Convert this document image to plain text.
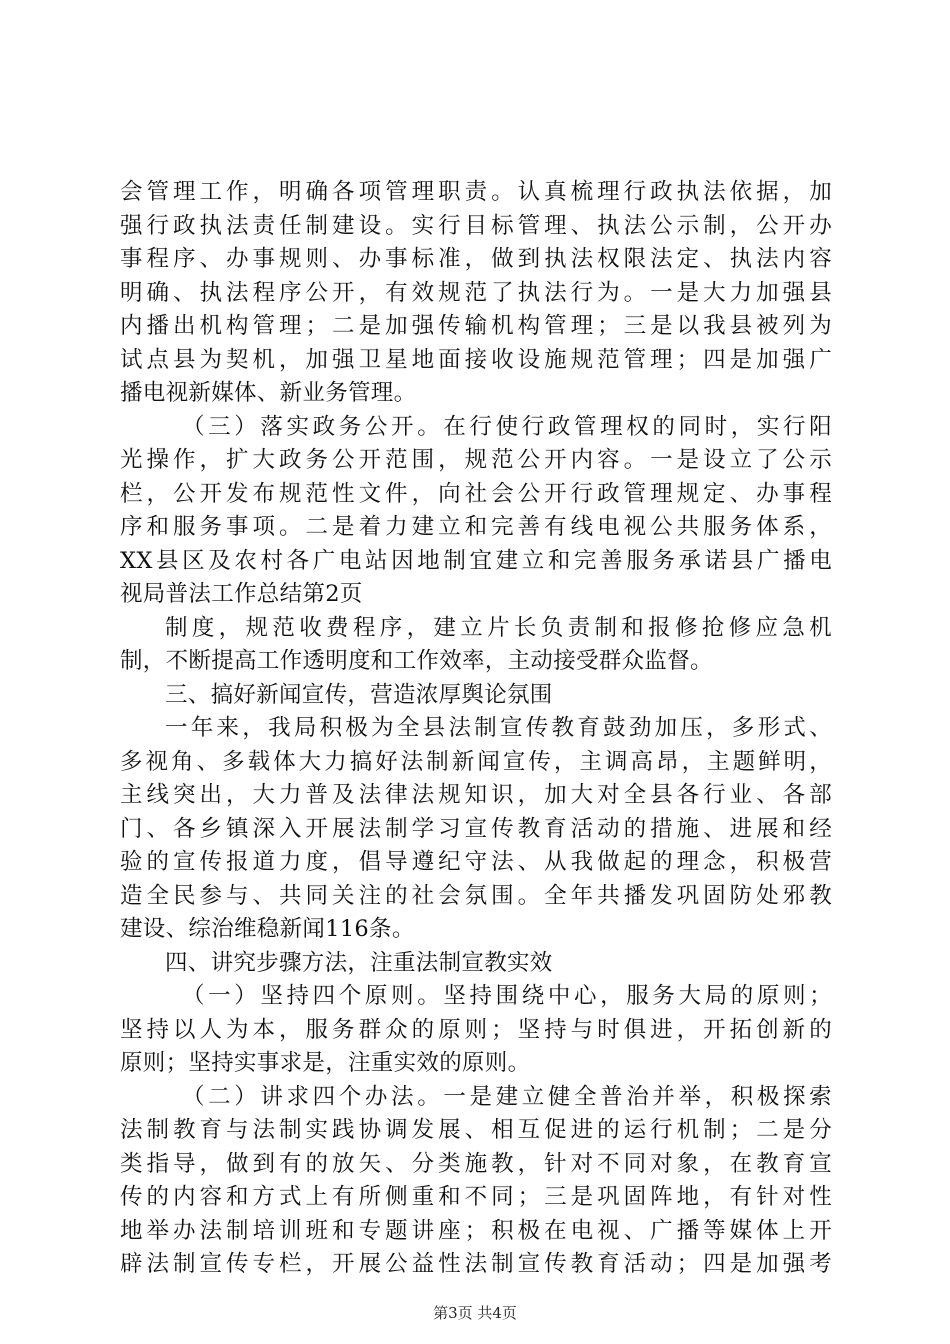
会管理工作，明确各项管理职责。认真梳理行政执法依据，加
强行政执法责任制建设。实行目标管理、执法公示制，公开办
事程序、办事规则、办事标准，做到执法权限法定、执法内容
明确、执法程序公开，有效规范了执法行为。一是大力加强县
内播出机构管理；二是加强传输机构管理；三是以我县被列为
试点县为契机，加强卫星地面接收设施规范管理；四是加强广
播电视新媒体、新业务管理。
（三）落实政务公开。在行使行政管理权的同时，实行阳
光操作，扩大政务公开范围，规范公开内容。一是设立了公示
栏，公开发布规范性文件，向社会公开行政管理规定、办事程
序和服务事项。二是着力建立和完善有线电视公共服务体系，
XX县区及农村各广电站因地制宜建立和完善服务承诺县广播电
视局普法工作总结第2页
制度，规范收费程序，建立片长负责制和报修抢修应急机
制，不断提高工作透明度和工作效率，主动接受群众监督。
三、搞好新闻宣传，营造浓厚舆论氛围
一年来，我局积极为全县法制宣传教育鼓劲加压，多形式、
多视角、多载体大力搞好法制新闻宣传，主调高昂，主题鲜明，
主线突出，大力普及法律法规知识，加大对全县各行业、各部
门、各乡镇深入开展法制学习宣传教育活动的措施、进展和经
验的宣传报道力度，倡导遵纪守法、从我做起的理念，积极营
造全民参与、共同关注的社会氛围。全年共播发巩固防处邪教
建设、综治维稳新闻116条。
四、讲究步骤方法，注重法制宣教实效
（一）坚持四个原则。坚持围绕中心，服务大局的原则；
坚持以人为本，服务群众的原则；坚持与时俱进，开拓创新的
原则；坚持实事求是，注重实效的原则。
（二）讲求四个办法。一是建立健全普治并举，积极探索
法制教育与法制实践协调发展、相互促进的运行机制；二是分
类指导，做到有的放矢、分类施教，针对不同对象，在教育宣
传的内容和方式上有所侧重和不同；三是巩固阵地，有针对性
地举办法制培训班和专题讲座；积极在电视、广播等媒体上开
辟法制宣传专栏，开展公益性法制宣传教育活动；四是加强考
第3页 共4页
